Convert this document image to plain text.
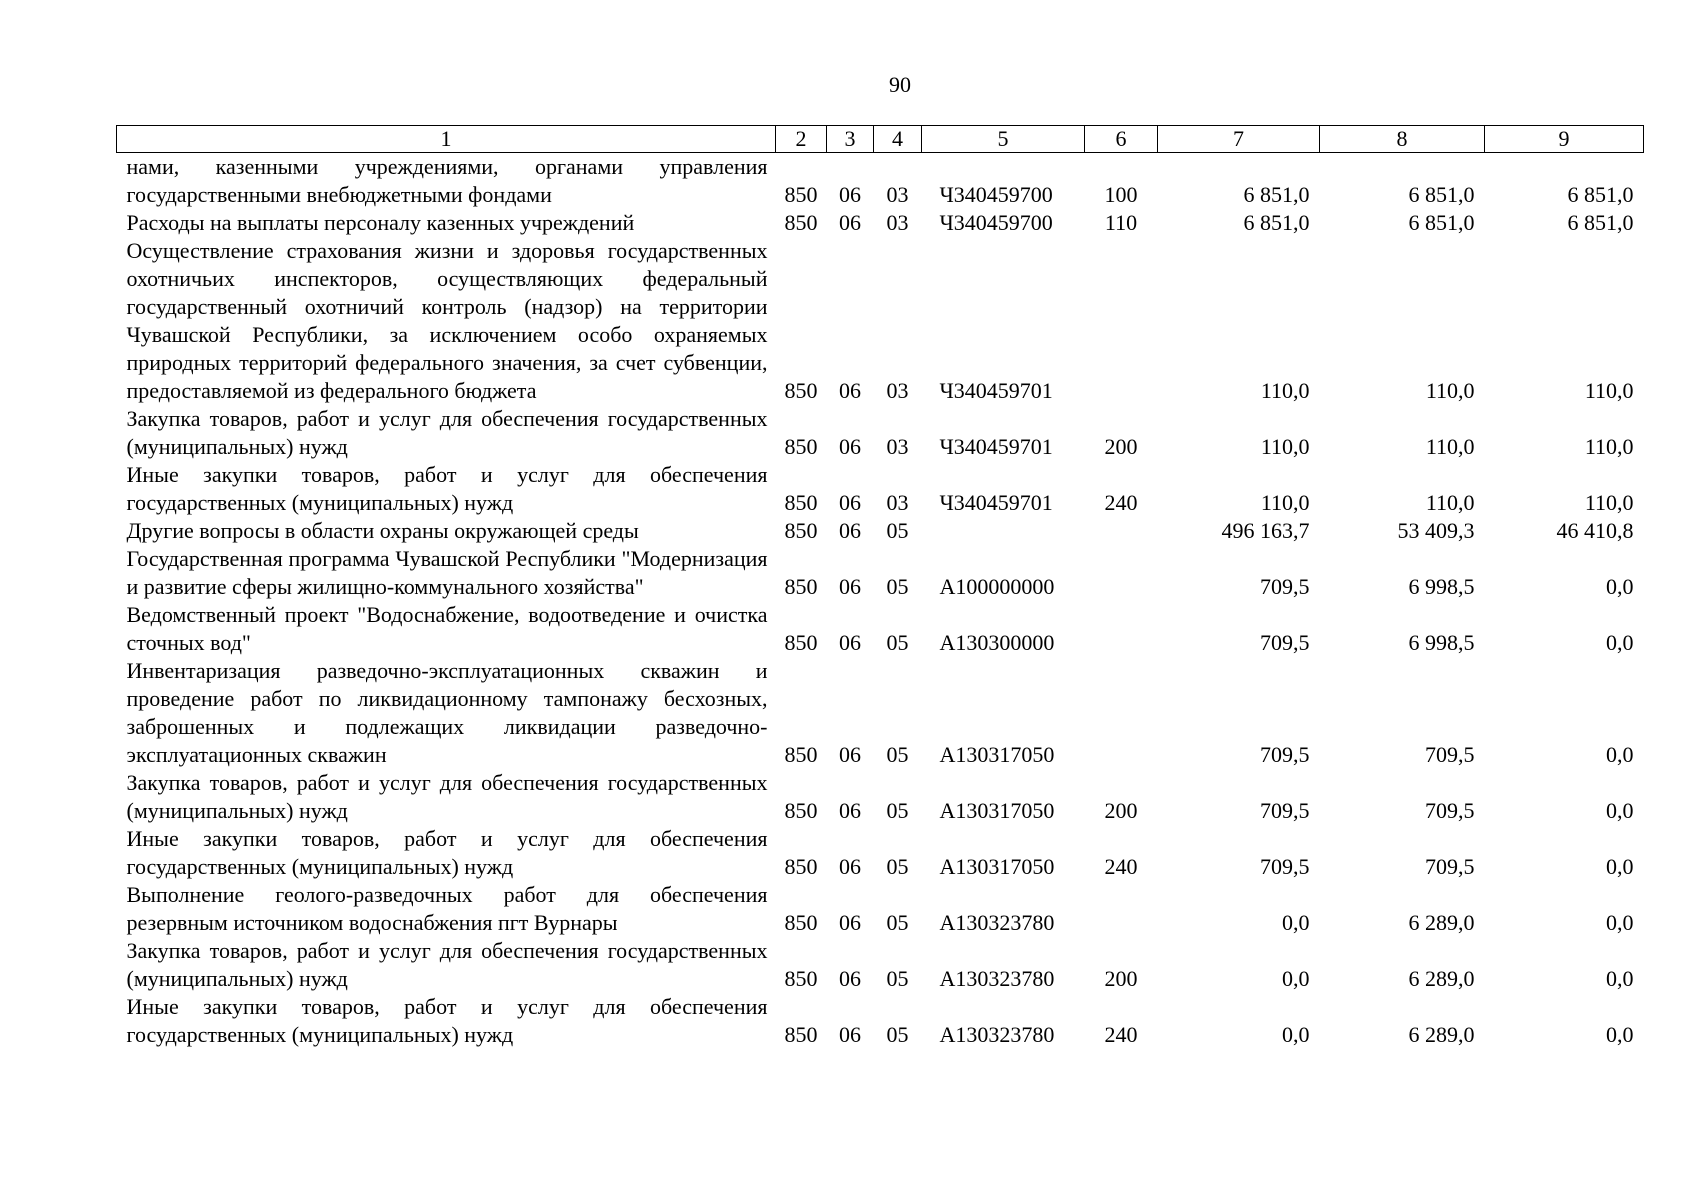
90
1	2	3	4	5	6	7	8	9
нами, казенными учреждениями, органами управления государственными внебюджетными фондами	850	06	03	Ч340459700	100	6 851,0	6 851,0	6 851,0
Расходы на выплаты персоналу казенных учреждений	850	06	03	Ч340459700	110	6 851,0	6 851,0	6 851,0
Осуществление страхования жизни и здоровья государственных охотничьих инспекторов, осуществляющих федеральный государственный охотничий контроль (надзор) на территории Чувашской Республики, за исключением особо охраняемых природных территорий федерального значения, за счет субвенции, предоставляемой из федерального бюджета	850	06	03	Ч340459701		110,0	110,0	110,0
Закупка товаров, работ и услуг для обеспечения государственных (муниципальных) нужд	850	06	03	Ч340459701	200	110,0	110,0	110,0
Иные закупки товаров, работ и услуг для обеспечения государственных (муниципальных) нужд	850	06	03	Ч340459701	240	110,0	110,0	110,0
Другие вопросы в области охраны окружающей среды	850	06	05			496 163,7	53 409,3	46 410,8
Государственная программа Чувашской Республики "Модернизация и развитие сферы жилищно-коммунального хозяйства"	850	06	05	А100000000		709,5	6 998,5	0,0
Ведомственный проект "Водоснабжение, водоотведение и очистка сточных вод"	850	06	05	А130300000		709,5	6 998,5	0,0
Инвентаризация разведочно-эксплуатационных скважин и проведение работ по ликвидационному тампонажу бесхозных, заброшенных и подлежащих ликвидации разведочно-эксплуатационных скважин	850	06	05	А130317050		709,5	709,5	0,0
Закупка товаров, работ и услуг для обеспечения государственных (муниципальных) нужд	850	06	05	А130317050	200	709,5	709,5	0,0
Иные закупки товаров, работ и услуг для обеспечения государственных (муниципальных) нужд	850	06	05	А130317050	240	709,5	709,5	0,0
Выполнение геолого-разведочных работ для обеспечения резервным источником водоснабжения пгт Вурнары	850	06	05	А130323780		0,0	6 289,0	0,0
Закупка товаров, работ и услуг для обеспечения государственных (муниципальных) нужд	850	06	05	А130323780	200	0,0	6 289,0	0,0
Иные закупки товаров, работ и услуг для обеспечения государственных (муниципальных) нужд	850	06	05	А130323780	240	0,0	6 289,0	0,0
